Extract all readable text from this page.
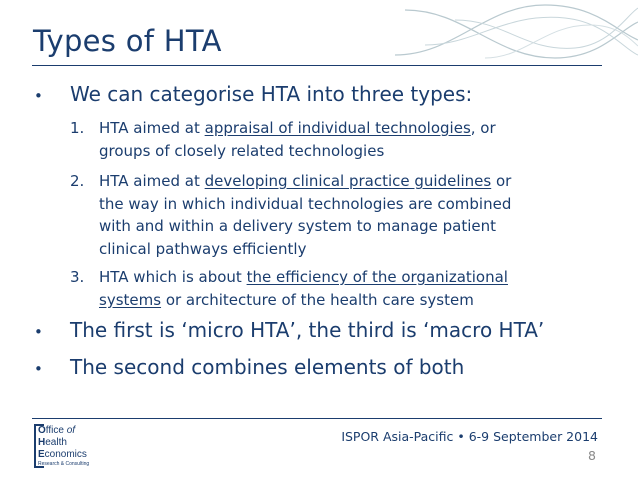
Types of HTA
• We can categorise HTA into three types:
1. HTA aimed at appraisal of individual technologies, or
groups of closely related technologies
2. HTA aimed at developing clinical practice guidelines or
the way in which individual technologies are combined
with and within a delivery system to manage patient
clinical pathways efficiently
3. HTA which is about the efficiency of the organizational
systems or architecture of the health care system
• The first is ‘micro HTA’, the third is ‘macro HTA’
• The second combines elements of both
Office of
Health
Economics
Research & Consulting
ISPOR Asia-Pacific • 6-9 September 2014
8
